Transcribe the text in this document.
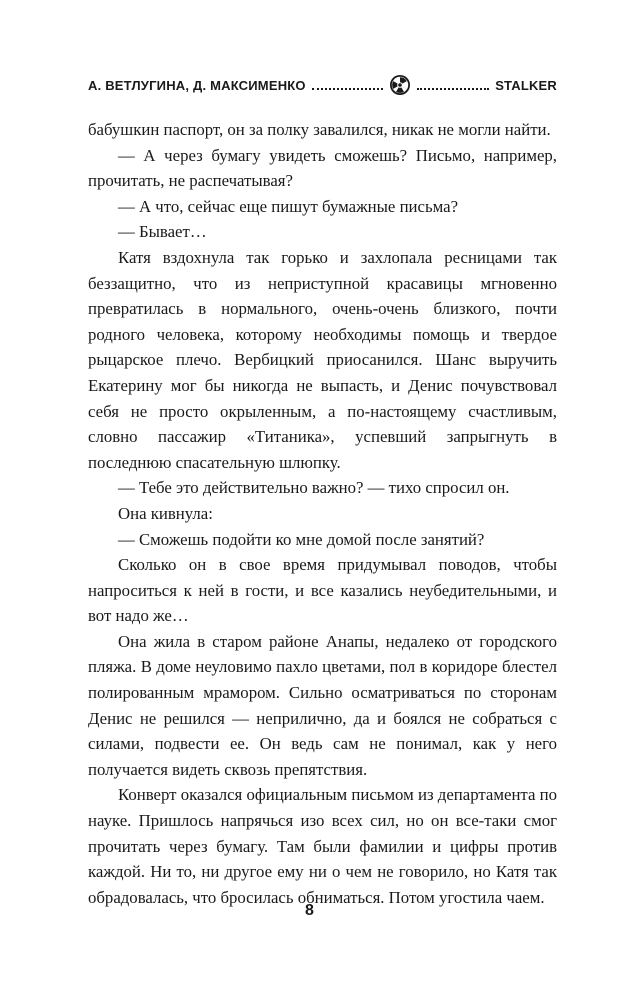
А. ВЕТЛУГИНА, Д. МАКСИМЕНКО	STALKER

бабушкин паспорт, он за полку завалился, никак не могли найти.

— А через бумагу увидеть сможешь? Письмо, например, прочитать, не распечатывая?

— А что, сейчас еще пишут бумажные письма?

— Бывает…

Катя вздохнула так горько и захлопала ресницами так беззащитно, что из неприступной красавицы мгновенно превратилась в нормального, очень-очень близкого, почти родного человека, которому необходимы помощь и твердое рыцарское плечо. Вербицкий приосанился. Шанс выручить Екатерину мог бы никогда не выпасть, и Денис почувствовал себя не просто окрыленным, а по-настоящему счастливым, словно пассажир «Титаника», успевший запрыгнуть в последнюю спасательную шлюпку.

— Тебе это действительно важно? — тихо спросил он.

Она кивнула:

— Сможешь подойти ко мне домой после занятий?

Сколько он в свое время придумывал поводов, чтобы напроситься к ней в гости, и все казались неубедительными, и вот надо же…

Она жила в старом районе Анапы, недалеко от городского пляжа. В доме неуловимо пахло цветами, пол в коридоре блестел полированным мрамором. Сильно осматриваться по сторонам Денис не решился — неприлично, да и боялся не собраться с силами, подвести ее. Он ведь сам не понимал, как у него получается видеть сквозь препятствия.

Конверт оказался официальным письмом из департамента по науке. Пришлось напрячься изо всех сил, но он все-таки смог прочитать через бумагу. Там были фамилии и цифры против каждой. Ни то, ни другое ему ни о чем не говорило, но Катя так обрадовалась, что бросилась обниматься. Потом угостила чаем.

8
